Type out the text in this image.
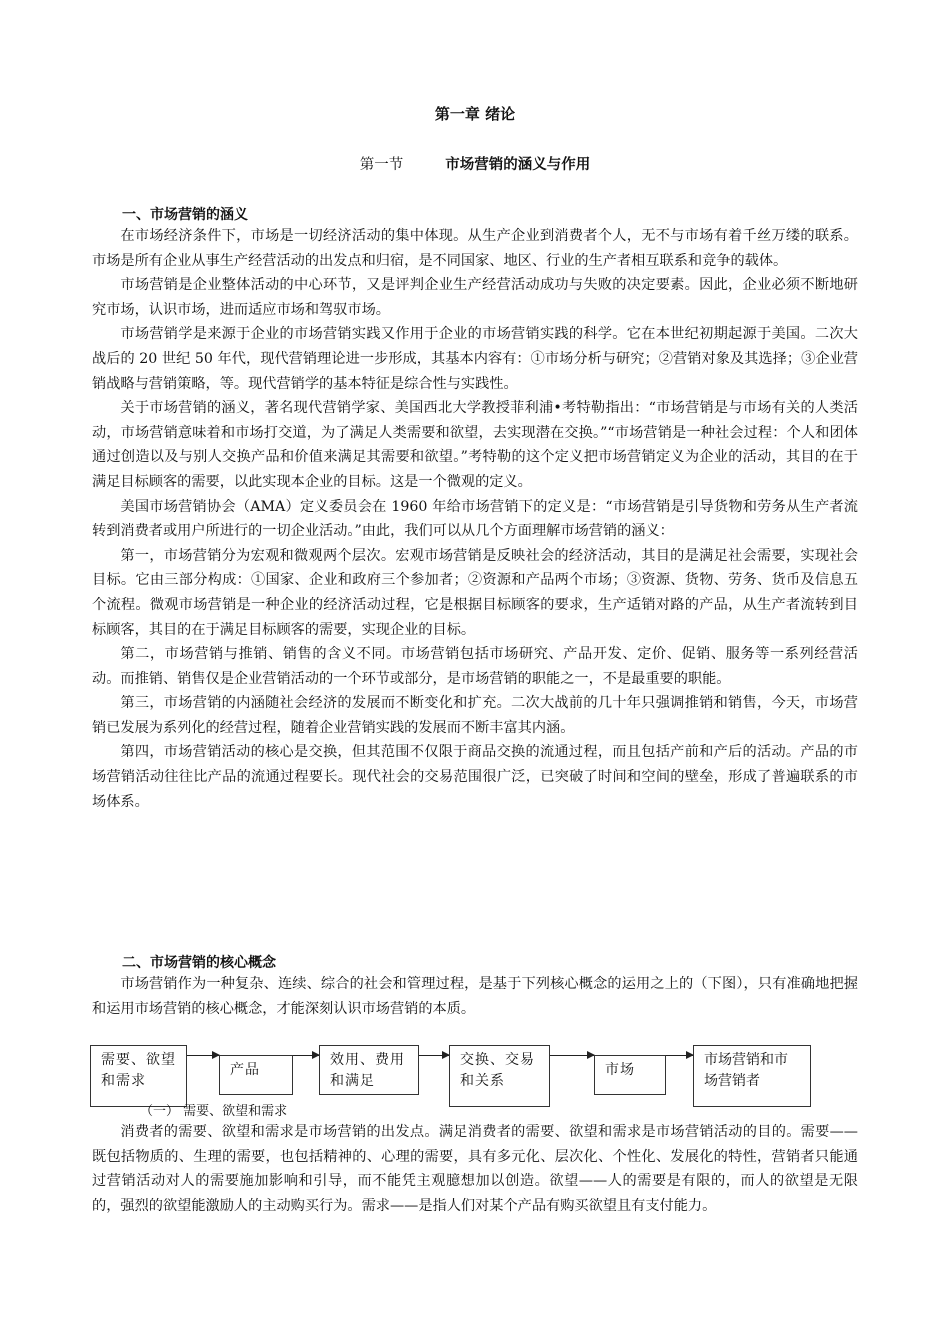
第一章 绪论
第一节	市场营销的涵义与作用
一、市场营销的涵义

在市场经济条件下，市场是一切经济活动的集中体现。从生产企业到消费者个人，无不与市场有着千丝万缕的联系。市场是所有企业从事生产经营活动的出发点和归宿，是不同国家、地区、行业的生产者相互联系和竞争的载体。

市场营销是企业整体活动的中心环节，又是评判企业生产经营活动成功与失败的决定要素。因此，企业必须不断地研究市场，认识市场，进而适应市场和驾驭市场。

市场营销学是来源于企业的市场营销实践又作用于企业的市场营销实践的科学。它在本世纪初期起源于美国。二次大战后的 20 世纪 50 年代，现代营销理论进一步形成，其基本内容有：①市场分析与研究；②营销对象及其选择；③企业营销战略与营销策略，等。现代营销学的基本特征是综合性与实践性。

关于市场营销的涵义，著名现代营销学家、美国西北大学教授菲利浦•考特勒指出：“市场营销是与市场有关的人类活动，市场营销意味着和市场打交道，为了满足人类需要和欲望，去实现潜在交换。”“市场营销是一种社会过程：个人和团体通过创造以及与别人交换产品和价值来满足其需要和欲望。”考特勒的这个定义把市场营销定义为企业的活动，其目的在于满足目标顾客的需要，以此实现本企业的目标。这是一个微观的定义。

美国市场营销协会（AMA）定义委员会在 1960 年给市场营销下的定义是：“市场营销是引导货物和劳务从生产者流转到消费者或用户所进行的一切企业活动。”由此，我们可以从几个方面理解市场营销的涵义：

第一，市场营销分为宏观和微观两个层次。宏观市场营销是反映社会的经济活动，其目的是满足社会需要，实现社会目标。它由三部分构成：①国家、企业和政府三个参加者；②资源和产品两个市场；③资源、货物、劳务、货币及信息五个流程。微观市场营销是一种企业的经济活动过程，它是根据目标顾客的要求，生产适销对路的产品，从生产者流转到目标顾客，其目的在于满足目标顾客的需要，实现企业的目标。

第二，市场营销与推销、销售的含义不同。市场营销包括市场研究、产品开发、定价、促销、服务等一系列经营活动。而推销、销售仅是企业营销活动的一个环节或部分，是市场营销的职能之一，不是最重要的职能。

第三，市场营销的内涵随社会经济的发展而不断变化和扩充。二次大战前的几十年只强调推销和销售，今天，市场营销已发展为系列化的经营过程，随着企业营销实践的发展而不断丰富其内涵。

第四，市场营销活动的核心是交换，但其范围不仅限于商品交换的流通过程，而且包括产前和产后的活动。产品的市场营销活动往往比产品的流通过程要长。现代社会的交易范围很广泛，已突破了时间和空间的壁垒，形成了普遍联系的市场体系。

二、市场营销的核心概念

市场营销作为一种复杂、连续、综合的社会和管理过程，是基于下列核心概念的运用之上的（下图），只有准确地把握和运用市场营销的核心概念，才能深刻认识市场营销的本质。

需要、欲望和需求
产品
效用、费用和满足
交换、交易和关系
市场
市场营销和市场营销者
（一） 需要、欲望和需求

消费者的需要、欲望和需求是市场营销的出发点。满足消费者的需要、欲望和需求是市场营销活动的目的。需要——既包括物质的、生理的需要，也包括精神的、心理的需要，具有多元化、层次化、个性化、发展化的特性，营销者只能通过营销活动对人的需要施加影响和引导，而不能凭主观臆想加以创造。欲望——人的需要是有限的，而人的欲望是无限的，强烈的欲望能激励人的主动购买行为。需求——是指人们对某个产品有购买欲望且有支付能力。
